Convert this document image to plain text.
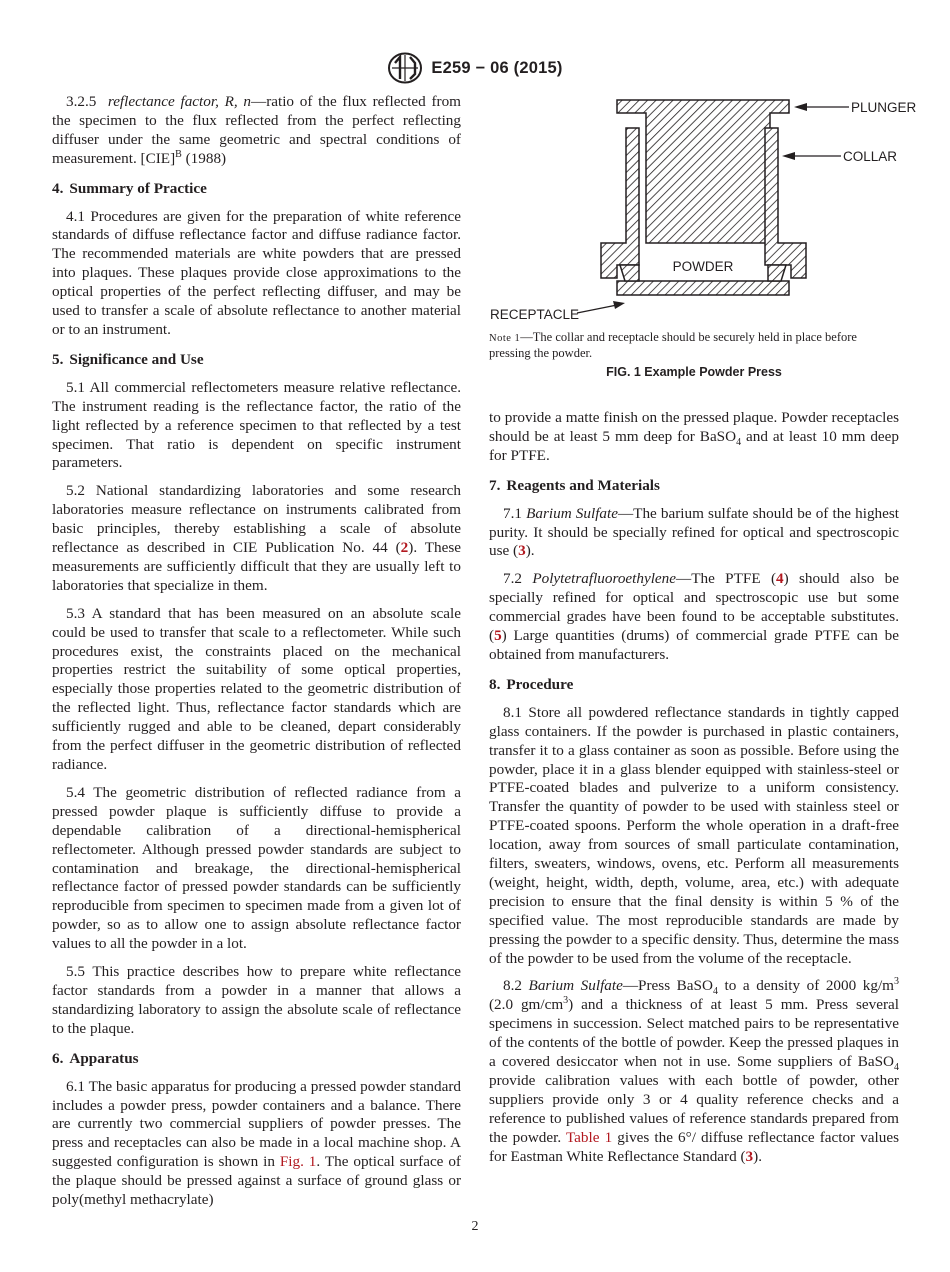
E259 − 06 (2015)

3.2.5 reflectance factor, R, n—ratio of the flux reflected from the specimen to the flux reflected from the perfect reflecting diffuser under the same geometric and spectral conditions of measurement. [CIE]$^B$ (1988)

4. Summary of Practice

4.1 Procedures are given for the preparation of white reference standards of diffuse reflectance factor and diffuse radiance factor. The recommended materials are white powders that are pressed into plaques. These plaques provide close approximations to the optical properties of the perfect reflecting diffuser, and may be used to transfer a scale of absolute reflectance to another material or to an instrument.

5. Significance and Use

5.1 All commercial reflectometers measure relative reflectance. The instrument reading is the reflectance factor, the ratio of the light reflected by a reference specimen to that reflected by a test specimen. That ratio is dependent on specific instrument parameters.

5.2 National standardizing laboratories and some research laboratories measure reflectance on instruments calibrated from basic principles, thereby establishing a scale of absolute reflectance as described in CIE Publication No. 44 (2). These measurements are sufficiently difficult that they are usually left to laboratories that specialize in them.

5.3 A standard that has been measured on an absolute scale could be used to transfer that scale to a reflectometer. While such procedures exist, the constraints placed on the mechanical properties restrict the suitability of some optical properties, especially those properties related to the geometric distribution of the reflected light. Thus, reflectance factor standards which are sufficiently rugged and able to be cleaned, depart considerably from the perfect diffuser in the geometric distribution of reflected radiance.

5.4 The geometric distribution of reflected radiance from a pressed powder plaque is sufficiently diffuse to provide a dependable calibration of a directional-hemispherical reflectometer. Although pressed powder standards are subject to contamination and breakage, the directional-hemispherical reflectance factor of pressed powder standards can be sufficiently reproducible from specimen to specimen made from a given lot of powder, so as to allow one to assign absolute reflectance factor values to all the powder in a lot.

5.5 This practice describes how to prepare white reflectance factor standards from a powder in a manner that allows a standardizing laboratory to assign the absolute scale of reflectance to the plaque.

6. Apparatus

6.1 The basic apparatus for producing a pressed powder standard includes a powder press, powder containers and a balance. There are currently two commercial suppliers of powder presses. The press and receptacles can also be made in a local machine shop. A suggested configuration is shown in Fig. 1. The optical surface of the plaque should be pressed against a surface of ground glass or poly(methyl methacrylate)

PLUNGER
COLLAR
POWDER
RECEPTACLE

Note 1—The collar and receptacle should be securely held in place before pressing the powder.

FIG. 1 Example Powder Press

to provide a matte finish on the pressed plaque. Powder receptacles should be at least 5 mm deep for BaSO$_4$ and at least 10 mm deep for PTFE.

7. Reagents and Materials

7.1 Barium Sulfate—The barium sulfate should be of the highest purity. It should be specially refined for optical and spectroscopic use (3).

7.2 Polytetrafluoroethylene—The PTFE (4) should also be specially refined for optical and spectroscopic use but some commercial grades have been found to be acceptable substitutes. (5) Large quantities (drums) of commercial grade PTFE can be obtained from manufacturers.

8. Procedure

8.1 Store all powdered reflectance standards in tightly capped glass containers. If the powder is purchased in plastic containers, transfer it to a glass container as soon as possible. Before using the powder, place it in a glass blender equipped with stainless-steel or PTFE-coated blades and pulverize to a uniform consistency. Transfer the quantity of powder to be used with stainless steel or PTFE-coated spoons. Perform the whole operation in a draft-free location, away from sources of small particulate contamination, filters, sweaters, windows, ovens, etc. Perform all measurements (weight, height, width, depth, volume, area, etc.) with adequate precision to ensure that the final density is within 5 % of the specified value. The most reproducible standards are made by pressing the powder to a specific density. Thus, determine the mass of the powder to be used from the volume of the receptacle.

8.2 Barium Sulfate—Press BaSO$_4$ to a density of 2000 $kg/m^3$ (2.0 $gm/cm^3$) and a thickness of at least 5 mm. Press several specimens in succession. Select matched pairs to be representative of the contents of the bottle of powder. Keep the pressed plaques in a covered desiccator when not in use. Some suppliers of BaSO$_4$ provide calibration values with each bottle of powder, other suppliers provide only 3 or 4 quality reference checks and a reference to published values of reference standards prepared from the powder. Table 1 gives the 6°/ diffuse reflectance factor values for Eastman White Reflectance Standard (3).

2
